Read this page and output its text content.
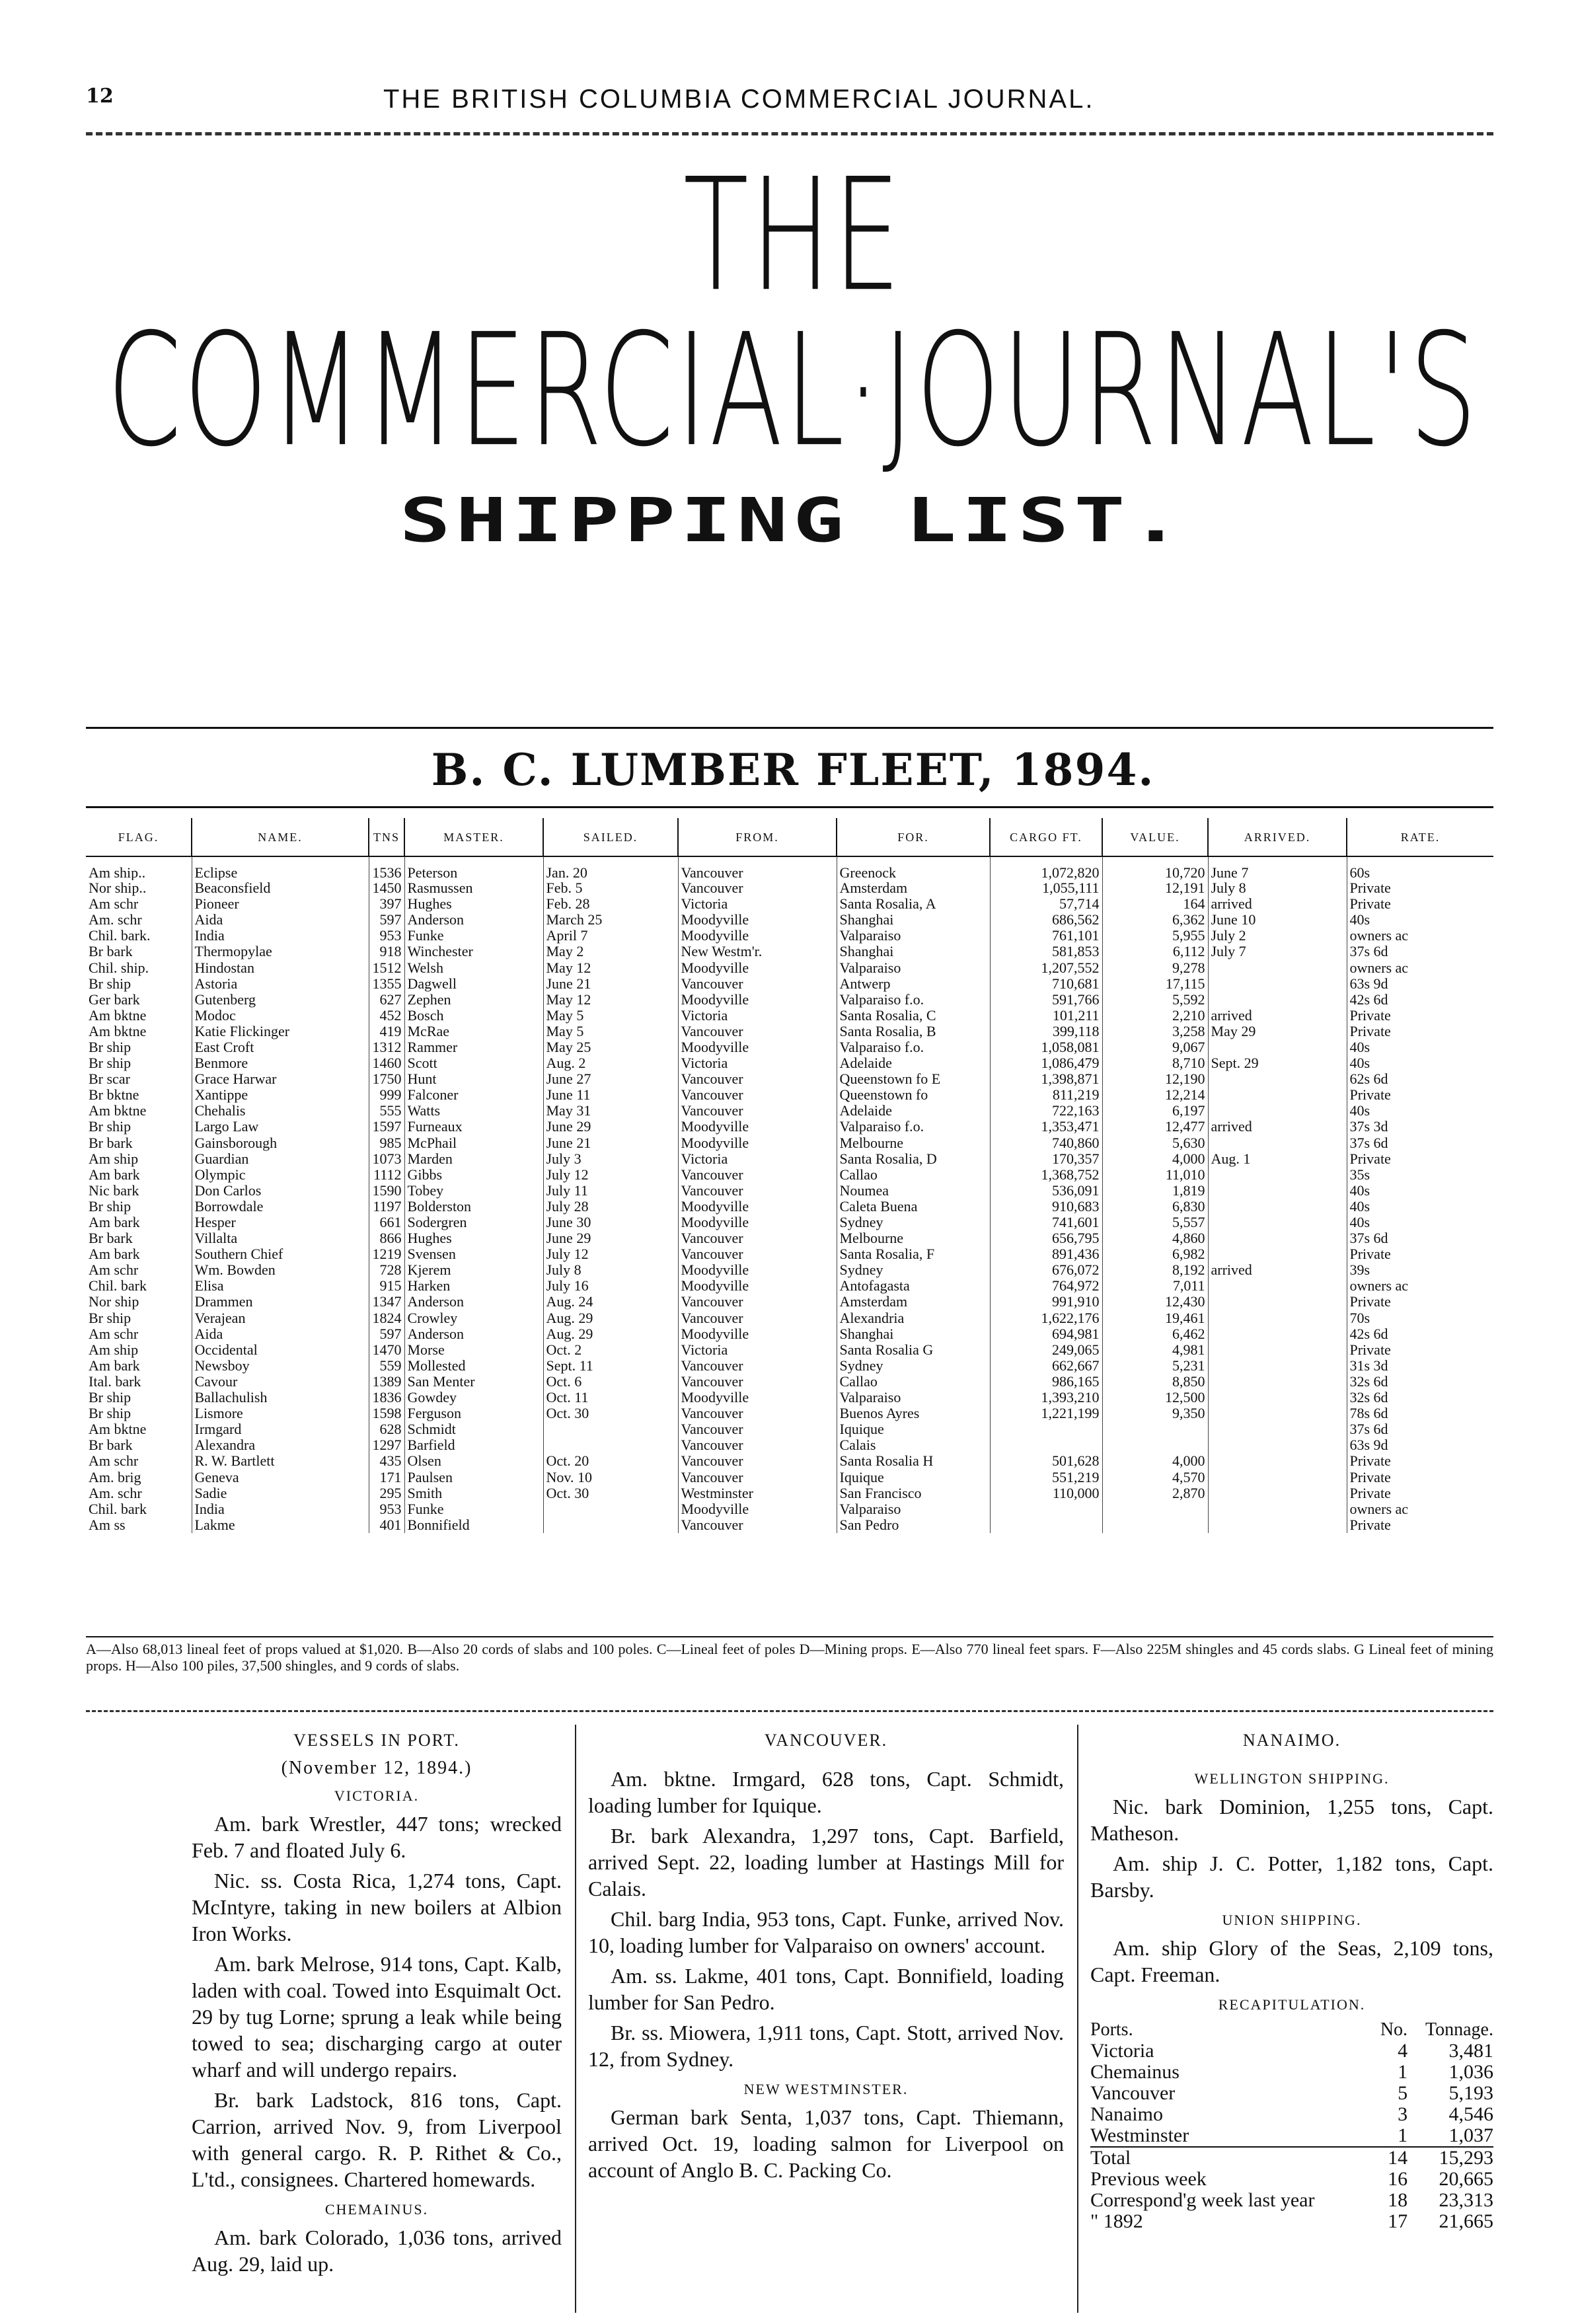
12	THE BRITISH COLUMBIA COMMERCIAL JOURNAL.
THE COMMERCIAL·JOURNAL'S
SHIPPING LIST.
B. C. LUMBER FLEET, 1894.
FLAG.	NAME.	TNS	MASTER.	SAILED.	FROM.	FOR.	CARGO FT.	VALUE.	ARRIVED.	RATE.
Am ship..	Eclipse	1536	Peterson	Jan. 20	Vancouver	Greenock	1,072,820	10,720	June 7	60s
Nor ship..	Beaconsfield	1450	Rasmussen	Feb. 5	Vancouver	Amsterdam	1,055,111	12,191	July 8	Private
Am schr	Pioneer	397	Hughes	Feb. 28	Victoria	Santa Rosalia, A	57,714	164	arrived	Private
Am. schr	Aida	597	Anderson	March 25	Moodyville	Shanghai	686,562	6,362	June 10	40s
Chil. bark.	India	953	Funke	April 7	Moodyville	Valparaiso	761,101	5,955	July 2	owners ac
Br bark	Thermopylae	918	Winchester	May 2	New Westm'r.	Shanghai	581,853	6,112	July 7	37s 6d
Chil. ship.	Hindostan	1512	Welsh	May 12	Moodyville	Valparaiso	1,207,552	9,278		owners ac
Br ship	Astoria	1355	Dagwell	June 21	Vancouver	Antwerp	710,681	17,115		63s 9d
Ger bark	Gutenberg	627	Zephen	May 12	Moodyville	Valparaiso f.o.	591,766	5,592		42s 6d
Am bktne	Modoc	452	Bosch	May 5	Victoria	Santa Rosalia, C	101,211	2,210	arrived	Private
Am bktne	Katie Flickinger	419	McRae	May 5	Vancouver	Santa Rosalia, B	399,118	3,258	May 29	Private
Br ship	East Croft	1312	Rammer	May 25	Moodyville	Valparaiso f.o.	1,058,081	9,067		40s
Br ship	Benmore	1460	Scott	Aug. 2	Victoria	Adelaide	1,086,479	8,710	Sept. 29	40s
Br scar	Grace Harwar	1750	Hunt	June 27	Vancouver	Queenstown fo E	1,398,871	12,190		62s 6d
Br bktne	Xantippe	999	Falconer	June 11	Vancouver	Queenstown fo	811,219	12,214		Private
Am bktne	Chehalis	555	Watts	May 31	Vancouver	Adelaide	722,163	6,197		40s
Br ship	Largo Law	1597	Furneaux	June 29	Moodyville	Valparaiso f.o.	1,353,471	12,477	arrived	37s 3d
Br bark	Gainsborough	985	McPhail	June 21	Moodyville	Melbourne	740,860	5,630		37s 6d
Am ship	Guardian	1073	Marden	July 3	Victoria	Santa Rosalia, D	170,357	4,000	Aug. 1	Private
Am bark	Olympic	1112	Gibbs	July 12	Vancouver	Callao	1,368,752	11,010		35s
Nic bark	Don Carlos	1590	Tobey	July 11	Vancouver	Noumea	536,091	1,819		40s
Br ship	Borrowdale	1197	Bolderston	July 28	Moodyville	Caleta Buena	910,683	6,830		40s
Am bark	Hesper	661	Sodergren	June 30	Moodyville	Sydney	741,601	5,557		40s
Br bark	Villalta	866	Hughes	June 29	Vancouver	Melbourne	656,795	4,860		37s 6d
Am bark	Southern Chief	1219	Svensen	July 12	Vancouver	Santa Rosalia, F	891,436	6,982		Private
Am schr	Wm. Bowden	728	Kjerem	July 8	Moodyville	Sydney	676,072	8,192	arrived	39s
Chil. bark	Elisa	915	Harken	July 16	Moodyville	Antofagasta	764,972	7,011		owners ac
Nor ship	Drammen	1347	Anderson	Aug. 24	Vancouver	Amsterdam	991,910	12,430		Private
Br ship	Verajean	1824	Crowley	Aug. 29	Vancouver	Alexandria	1,622,176	19,461		70s
Am schr	Aida	597	Anderson	Aug. 29	Moodyville	Shanghai	694,981	6,462		42s 6d
Am ship	Occidental	1470	Morse	Oct. 2	Victoria	Santa Rosalia G	249,065	4,981		Private
Am bark	Newsboy	559	Mollested	Sept. 11	Vancouver	Sydney	662,667	5,231		31s 3d
Ital. bark	Cavour	1389	San Menter	Oct. 6	Vancouver	Callao	986,165	8,850		32s 6d
Br ship	Ballachulish	1836	Gowdey	Oct. 11	Moodyville	Valparaiso	1,393,210	12,500		32s 6d
Br ship	Lismore	1598	Ferguson	Oct. 30	Vancouver	Buenos Ayres	1,221,199	9,350		78s 6d
Am bktne	Irmgard	628	Schmidt		Vancouver	Iquique				37s 6d
Br bark	Alexandra	1297	Barfield		Vancouver	Calais				63s 9d
Am schr	R. W. Bartlett	435	Olsen	Oct. 20	Vancouver	Santa Rosalia H	501,628	4,000		Private
Am. brig	Geneva	171	Paulsen	Nov. 10	Vancouver	Iquique	551,219	4,570		Private
Am. schr	Sadie	295	Smith	Oct. 30	Westminster	San Francisco	110,000	2,870		Private
Chil. bark	India	953	Funke		Moodyville	Valparaiso				owners ac
Am ss	Lakme	401	Bonnifield		Vancouver	San Pedro				Private
A—Also 68,013 lineal feet of props valued at $1,020. B—Also 20 cords of slabs and 100 poles. C—Lineal feet of poles D—Mining props. E—Also 770 lineal feet spars. F—Also 225M shingles and 45 cords slabs. G Lineal feet of mining props. H—Also 100 piles, 37,500 shingles, and 9 cords of slabs.
VESSELS IN PORT.
(November 12, 1894.)
VICTORIA.

Am. bark Wrestler, 447 tons; wrecked Feb. 7 and floated July 6.

Nic. ss. Costa Rica, 1,274 tons, Capt. McIntyre, taking in new boilers at Albion Iron Works.

Am. bark Melrose, 914 tons, Capt. Kalb, laden with coal. Towed into Esquimalt Oct. 29 by tug Lorne; sprung a leak while being towed to sea; discharging cargo at outer wharf and will undergo repairs.

Br. bark Ladstock, 816 tons, Capt. Carrion, arrived Nov. 9, from Liverpool with general cargo. R. P. Rithet & Co., L'td., consignees. Chartered homewards.

CHEMAINUS.

Am. bark Colorado, 1,036 tons, arrived Aug. 29, laid up.

VANCOUVER.

Am. bktne. Irmgard, 628 tons, Capt. Schmidt, loading lumber for Iquique.

Br. bark Alexandra, 1,297 tons, Capt. Barfield, arrived Sept. 22, loading lumber at Hastings Mill for Calais.

Chil. barg India, 953 tons, Capt. Funke, arrived Nov. 10, loading lumber for Valparaiso on owners' account.

Am. ss. Lakme, 401 tons, Capt. Bonnifield, loading lumber for San Pedro.

Br. ss. Miowera, 1,911 tons, Capt. Stott, arrived Nov. 12, from Sydney.

NEW WESTMINSTER.

German bark Senta, 1,037 tons, Capt. Thiemann, arrived Oct. 19, loading salmon for Liverpool on account of Anglo B. C. Packing Co.

NANAIMO.
WELLINGTON SHIPPING.

Nic. bark Dominion, 1,255 tons, Capt. Matheson.

Am. ship J. C. Potter, 1,182 tons, Capt. Barsby.

UNION SHIPPING.

Am. ship Glory of the Seas, 2,109 tons, Capt. Freeman.

RECAPITULATION.
Ports.	No.	Tonnage.
Victoria	4	3,481
Chemainus	1	1,036
Vancouver	5	5,193
Nanaimo	3	4,546
Westminster	1	1,037
Total	14	15,293
Previous week	16	20,665
Correspond'g week last year	18	23,313
" 1892	17	21,665
